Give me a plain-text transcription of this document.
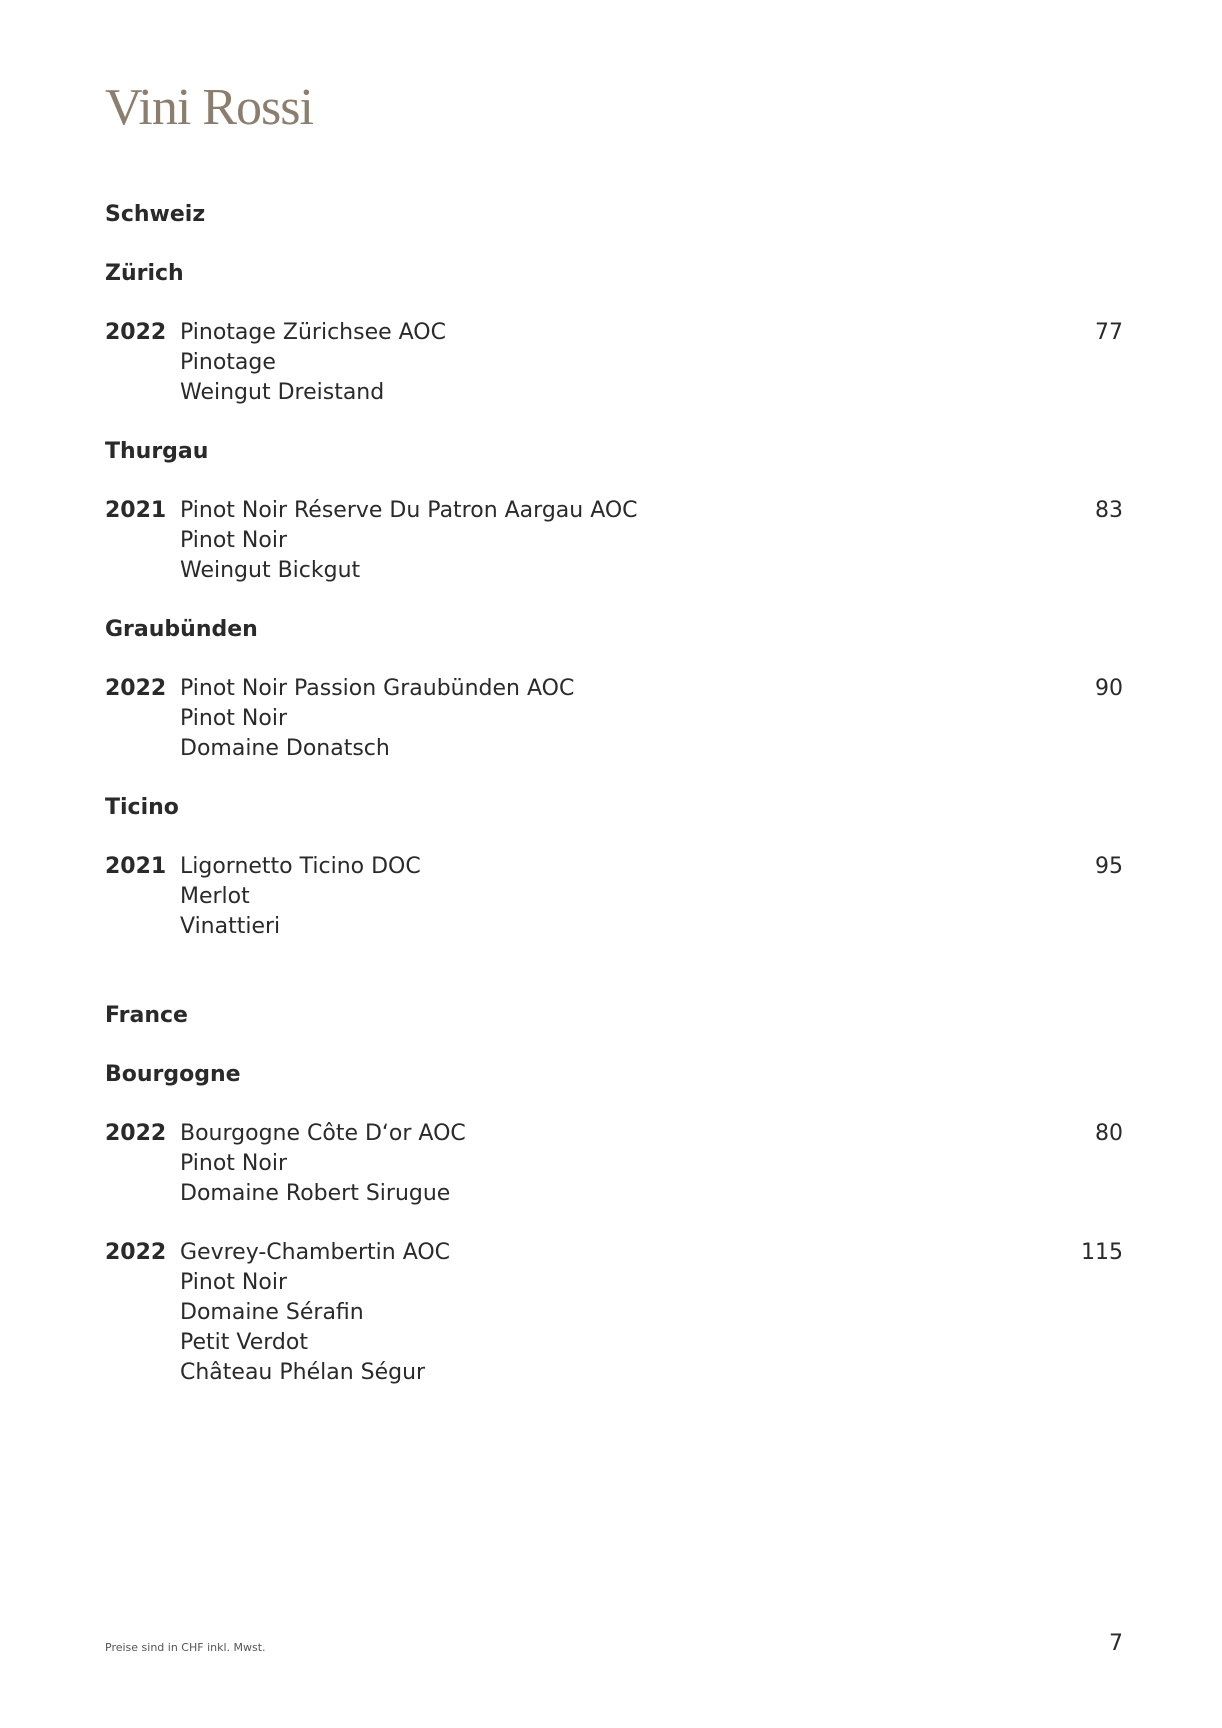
Vini Rossi
Schweiz
Zürich
2022 Pinotage Zürichsee AOC
Pinotage
Weingut Dreistand
77
Thurgau
2021 Pinot Noir Réserve Du Patron Aargau AOC
Pinot Noir
Weingut Bickgut
83
Graubünden
2022 Pinot Noir Passion Graubünden AOC
Pinot Noir
Domaine Donatsch
90
Ticino
2021 Ligornetto Ticino DOC
Merlot
Vinattieri
95
France
Bourgogne
2022 Bourgogne Côte D‘or AOC
Pinot Noir
Domaine Robert Sirugue
80
2022 Gevrey-Chambertin AOC
Pinot Noir
Domaine Sérafin
Petit Verdot
Château Phélan Ségur
115
Preise sind in CHF inkl. Mwst.	7
